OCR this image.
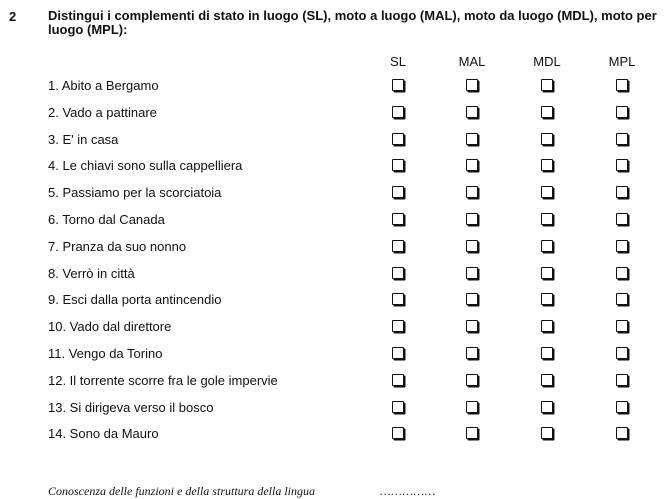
2 Distingui i complementi di stato in luogo (SL), moto a luogo (MAL), moto da luogo (MDL), moto per luogo (MPL):
SL	MAL	MDL	MPL
1. Abito a Bergamo
2. Vado a pattinare
3. E' in casa
4. Le chiavi sono sulla cappelliera
5. Passiamo per la scorciatoia
6. Torno dal Canada
7. Pranza da suo nonno
8. Verrò in città
9. Esci dalla porta antincendio
10. Vado dal direttore
11. Vengo da Torino
12. Il torrente scorre fra le gole impervie
13. Si dirigeva verso il bosco
14. Sono da Mauro
Conoscenza delle funzioni e della struttura della lingua	……………
